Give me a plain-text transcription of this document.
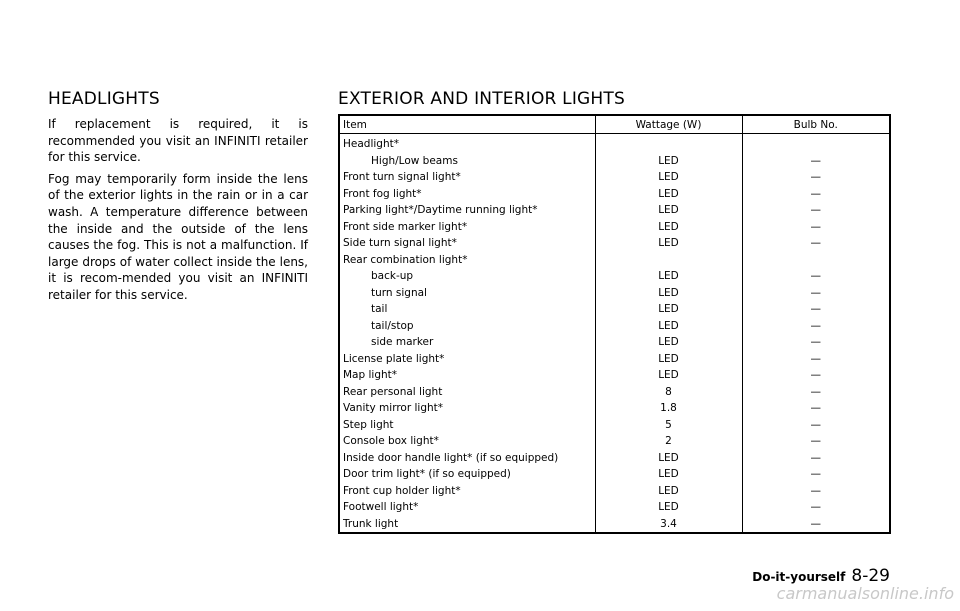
HEADLIGHTS

If replacement is required, it is recommended you visit an INFINITI retailer for this service.

Fog may temporarily form inside the lens of the exterior lights in the rain or in a car wash. A temperature difference between the inside and the outside of the lens causes the fog. This is not a malfunction. If large drops of water collect inside the lens, it is recom-mended you visit an INFINITI retailer for this service.

EXTERIOR AND INTERIOR LIGHTS
Item	Wattage (W)	Bulb No.
Headlight*		
High/Low beams	LED	—
Front turn signal light*	LED	—
Front fog light*	LED	—
Parking light*/Daytime running light*	LED	—
Front side marker light*	LED	—
Side turn signal light*	LED	—
Rear combination light*		
back-up	LED	—
turn signal	LED	—
tail	LED	—
tail/stop	LED	—
side marker	LED	—
License plate light*	LED	—
Map light*	LED	—
Rear personal light	8	—
Vanity mirror light*	1.8	—
Step light	5	—
Console box light*	2	—
Inside door handle light* (if so equipped)	LED	—
Door trim light* (if so equipped)	LED	—
Front cup holder light*	LED	—
Footwell light*	LED	—
Trunk light	3.4	—
Do-it-yourself 8-29
carmanualsonline.info
